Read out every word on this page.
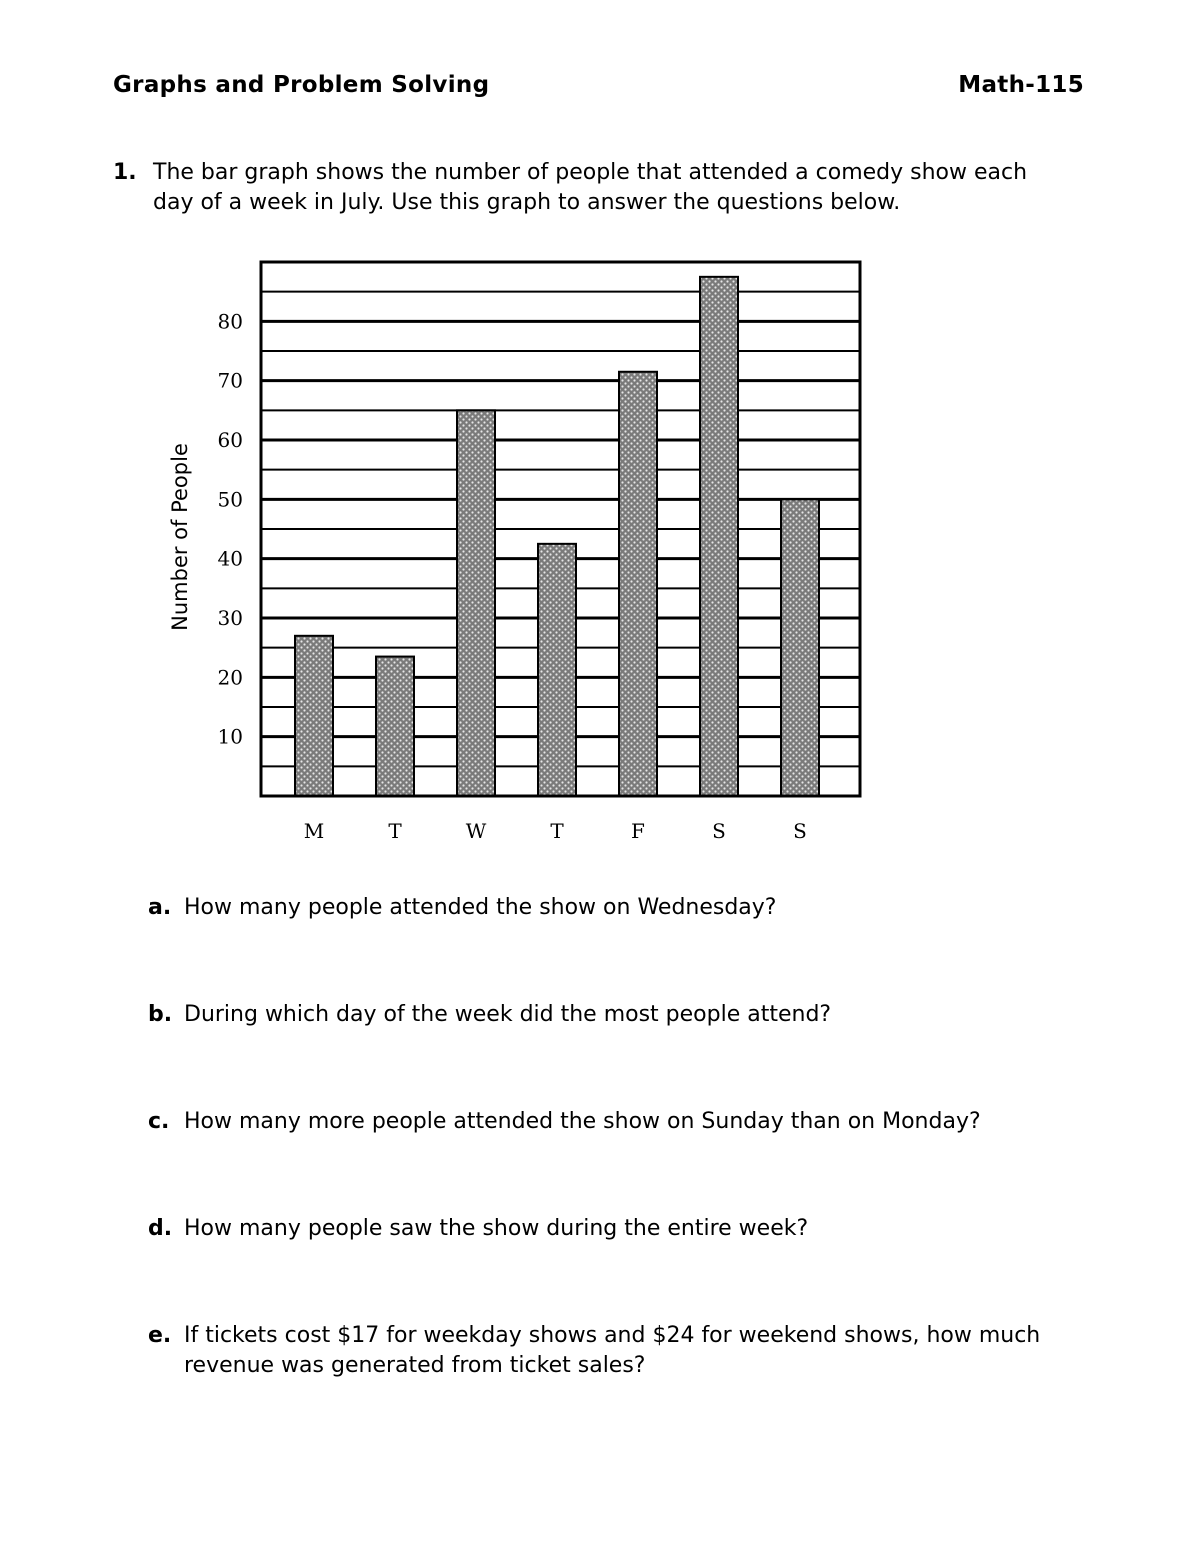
Graphs and Problem Solving	Math-115
1. The bar graph shows the number of people that attended a comedy show each day of a week in July. Use this graph to answer the questions below.
10
20
30
40
50
60
70
80
M	T	W	T	F	S	S
Number of People
a. How many people attended the show on Wednesday?
b. During which day of the week did the most people attend?
c. How many more people attended the show on Sunday than on Monday?
d. How many people saw the show during the entire week?
e. If tickets cost $17 for weekday shows and $24 for weekend shows, how much revenue was generated from ticket sales?
